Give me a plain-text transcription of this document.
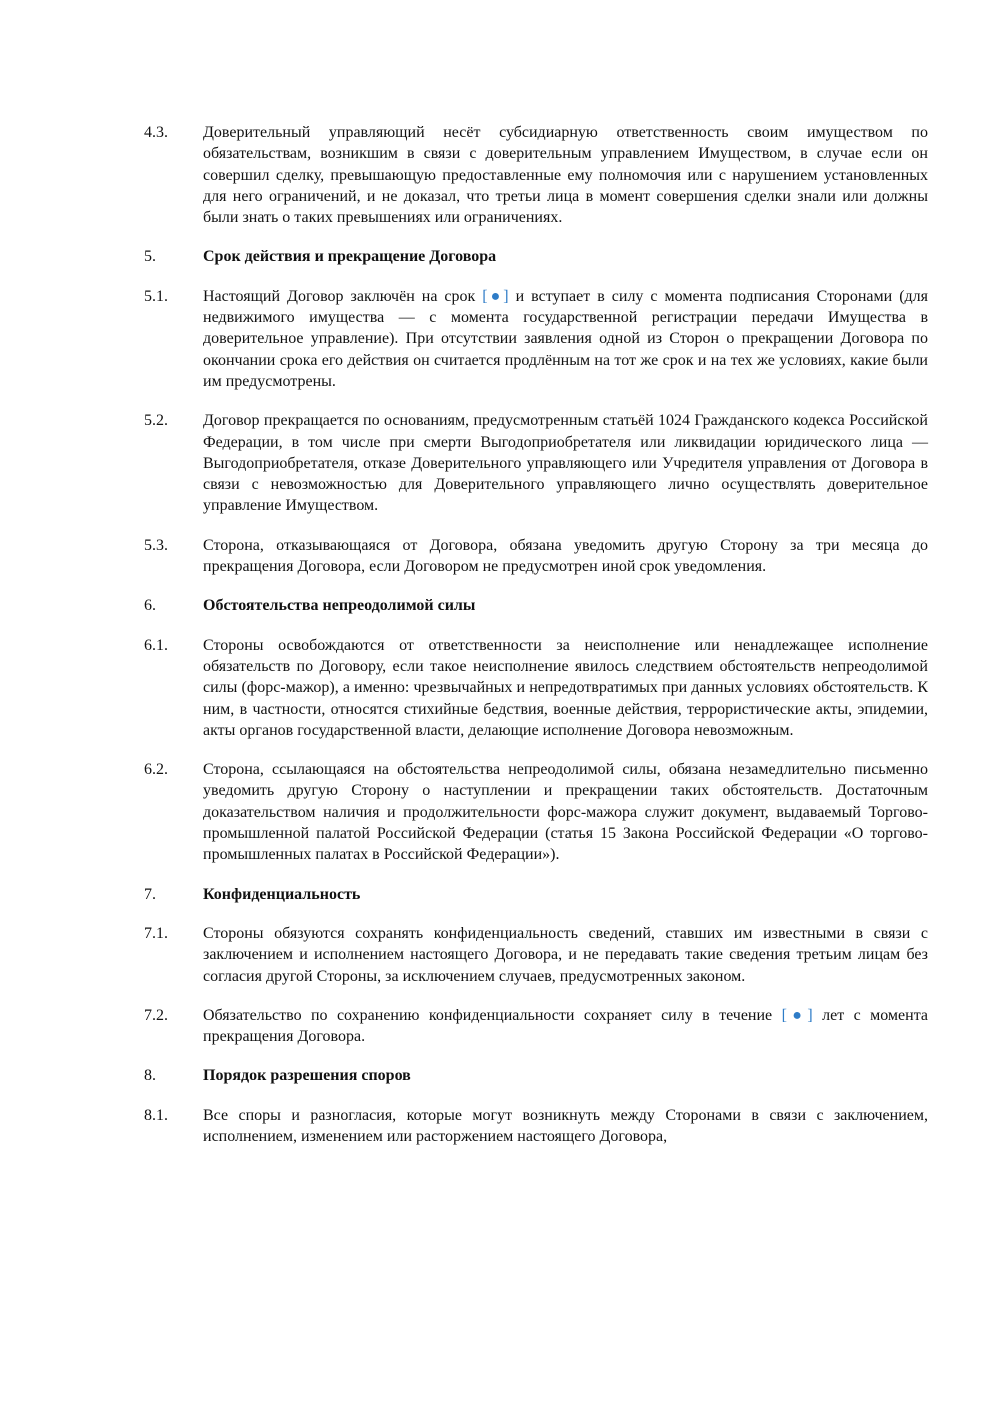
4.3.	Доверительный управляющий несёт субсидиарную ответственность своим имуществом по обязательствам, возникшим в связи с доверительным управлением Имуществом, в случае если он совершил сделку, превышающую предоставленные ему полномочия или с нарушением установленных для него ограничений, и не доказал, что третьи лица в момент совершения сделки знали или должны были знать о таких превышениях или ограничениях.
5.	Срок действия и прекращение Договора
5.1.	Настоящий Договор заключён на срок [●] и вступает в силу с момента подписания Сторонами (для недвижимого имущества — с момента государственной регистрации передачи Имущества в доверительное управление). При отсутствии заявления одной из Сторон о прекращении Договора по окончании срока его действия он считается продлённым на тот же срок и на тех же условиях, какие были им предусмотрены.
5.2.	Договор прекращается по основаниям, предусмотренным статьёй 1024 Гражданского кодекса Российской Федерации, в том числе при смерти Выгодоприобретателя или ликвидации юридического лица — Выгодоприобретателя, отказе Доверительного управляющего или Учредителя управления от Договора в связи с невозможностью для Доверительного управляющего лично осуществлять доверительное управление Имуществом.
5.3.	Сторона, отказывающаяся от Договора, обязана уведомить другую Сторону за три месяца до прекращения Договора, если Договором не предусмотрен иной срок уведомления.
6.	Обстоятельства непреодолимой силы
6.1.	Стороны освобождаются от ответственности за неисполнение или ненадлежащее исполнение обязательств по Договору, если такое неисполнение явилось следствием обстоятельств непреодолимой силы (форс-мажор), а именно: чрезвычайных и непредотвратимых при данных условиях обстоятельств. К ним, в частности, относятся стихийные бедствия, военные действия, террористические акты, эпидемии, акты органов государственной власти, делающие исполнение Договора невозможным.
6.2.	Сторона, ссылающаяся на обстоятельства непреодолимой силы, обязана незамедлительно письменно уведомить другую Сторону о наступлении и прекращении таких обстоятельств. Достаточным доказательством наличия и продолжительности форс-мажора служит документ, выдаваемый Торгово-промышленной палатой Российской Федерации (статья 15 Закона Российской Федерации «О торгово-промышленных палатах в Российской Федерации»).
7.	Конфиденциальность
7.1.	Стороны обязуются сохранять конфиденциальность сведений, ставших им известными в связи с заключением и исполнением настоящего Договора, и не передавать такие сведения третьим лицам без согласия другой Стороны, за исключением случаев, предусмотренных законом.
7.2.	Обязательство по сохранению конфиденциальности сохраняет силу в течение [●] лет с момента прекращения Договора.
8.	Порядок разрешения споров
8.1.	Все споры и разногласия, которые могут возникнуть между Сторонами в связи с заключением, исполнением, изменением или расторжением настоящего Договора,
